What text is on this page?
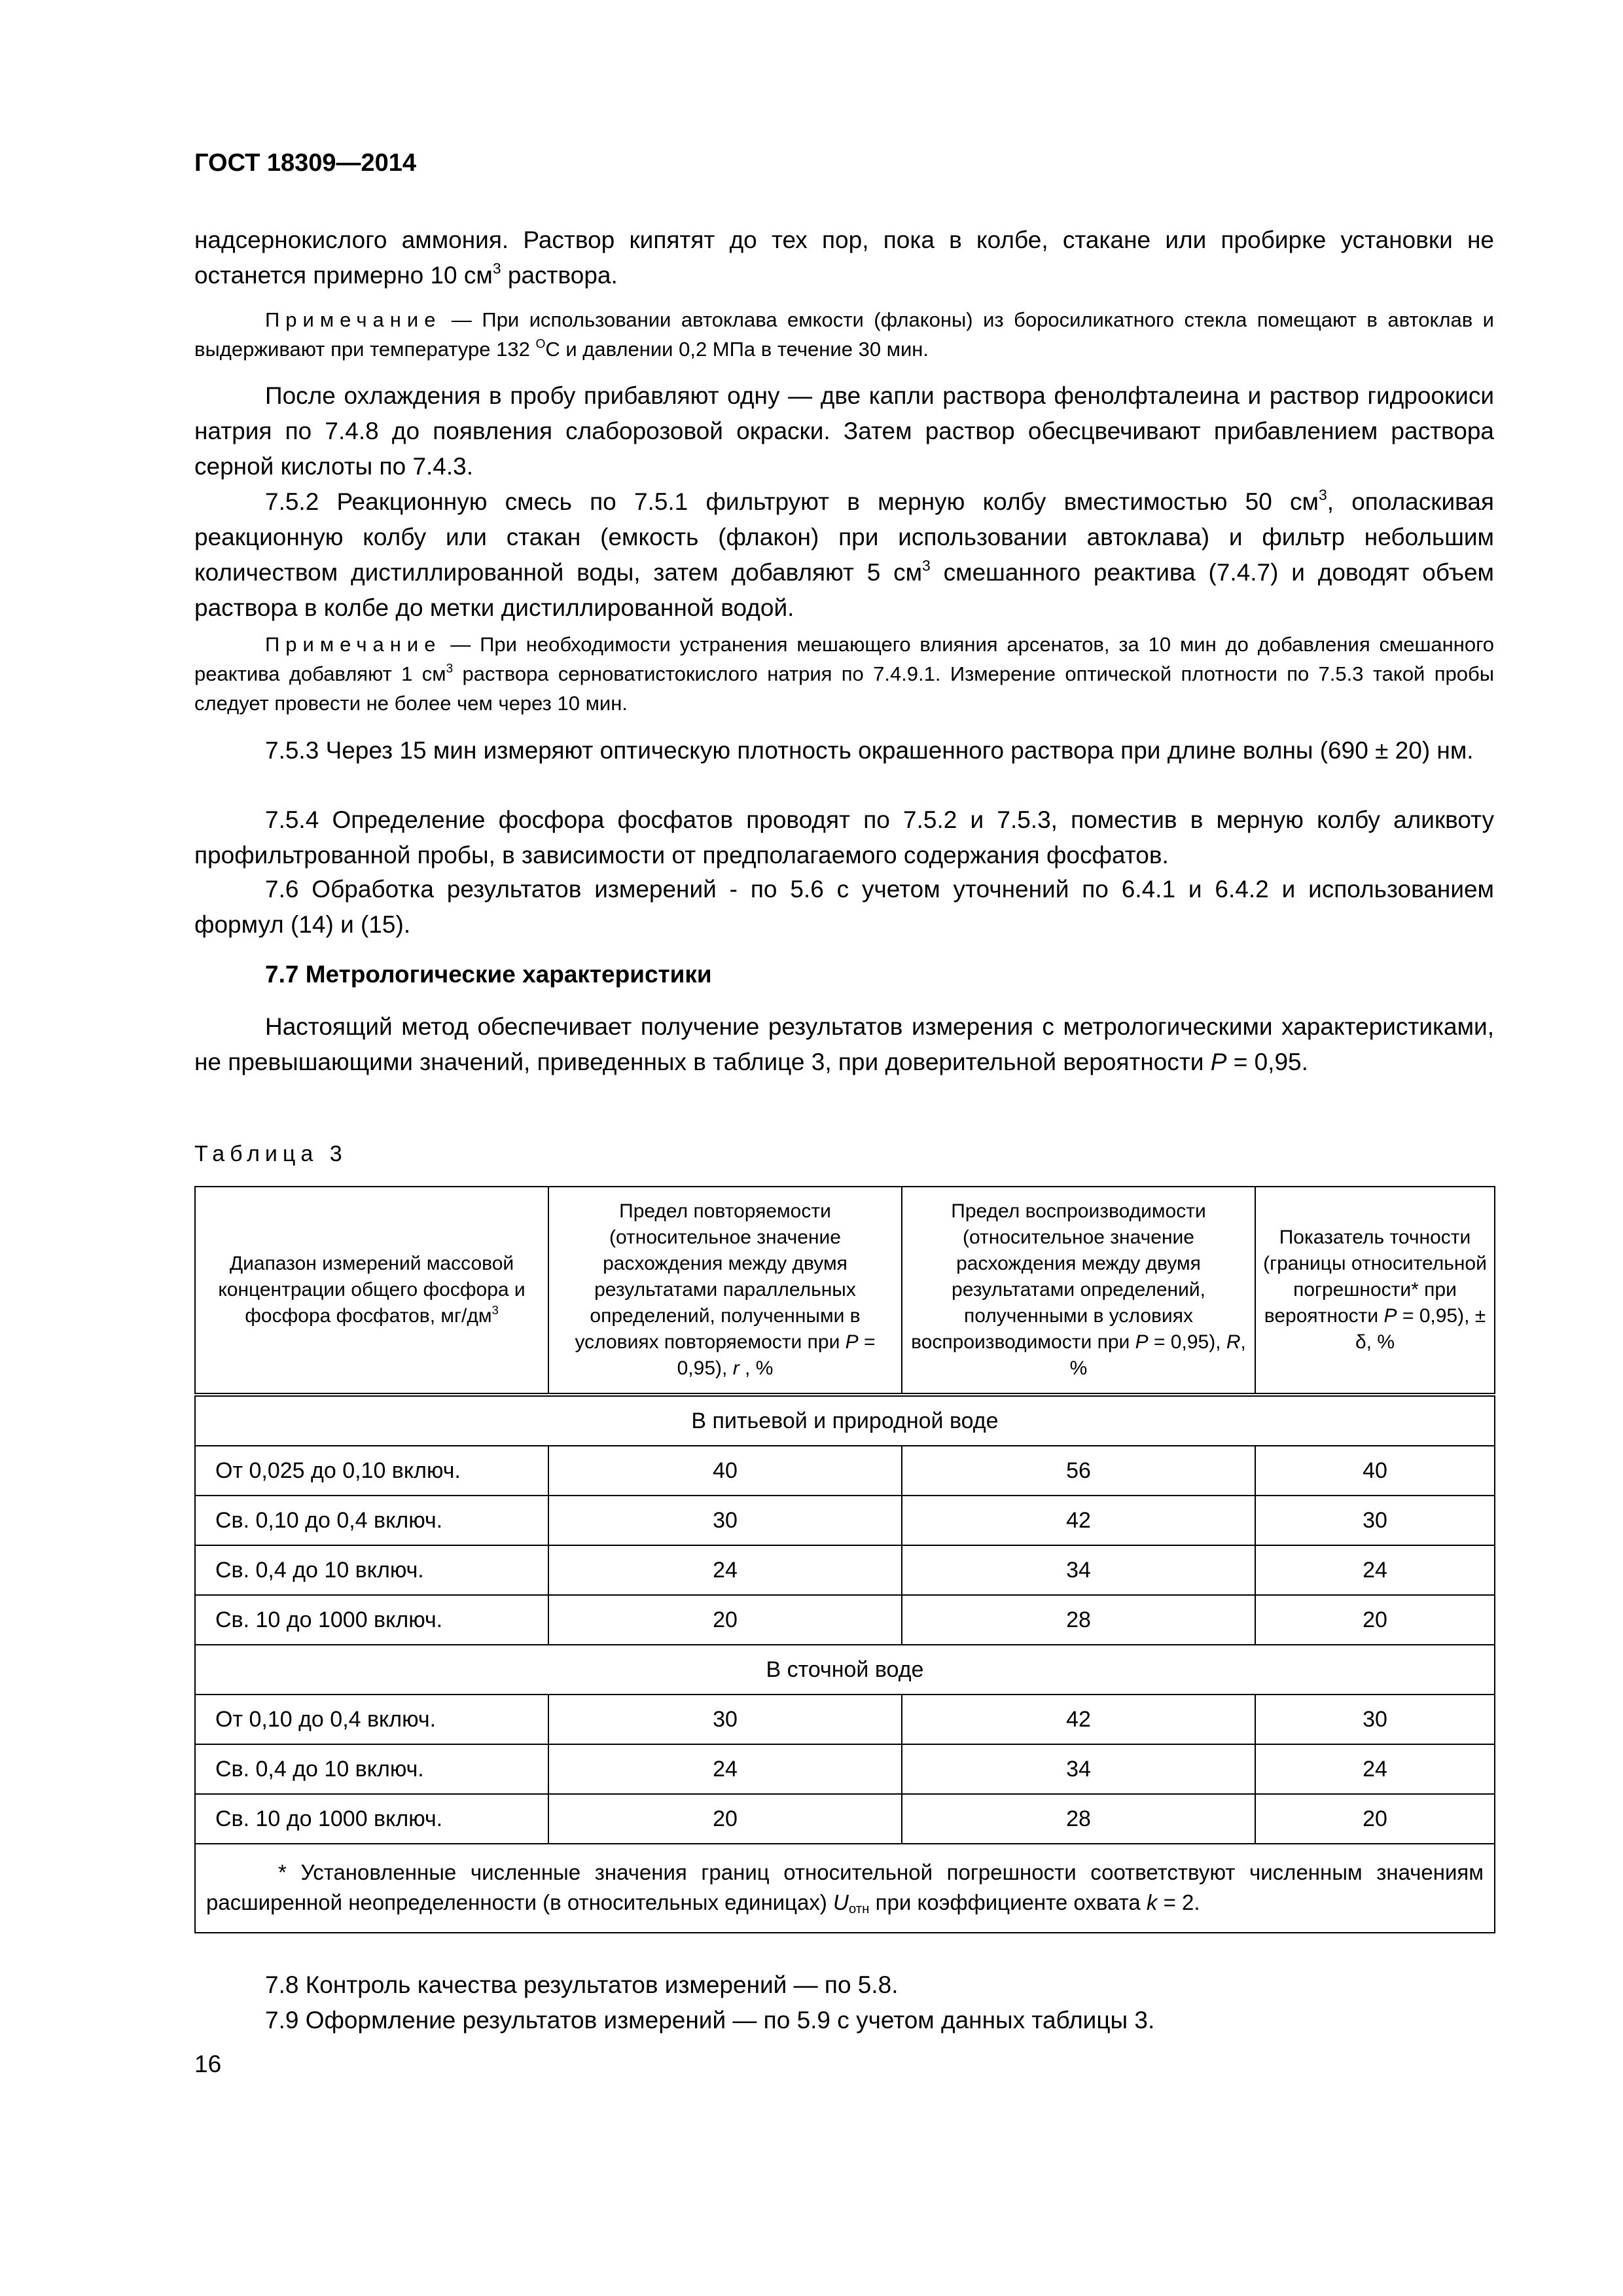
ГОСТ 18309—2014

надсернокислого аммония. Раствор кипятят до тех пор, пока в колбе, стакане или пробирке установки не останется примерно 10 $см^3$ раствора.

Примечание — При использовании автоклава емкости (флаконы) из боросиликатного стекла помещают в автоклав и выдерживают при температуре 132 $^О$С и давлении 0,2 МПа в течение 30 мин.

После охлаждения в пробу прибавляют одну — две капли раствора фенолфталеина и раствор гидроокиси натрия по 7.4.8 до появления слаборозовой окраски. Затем раствор обесцвечивают прибавлением раствора серной кислоты по 7.4.3.

7.5.2 Реакционную смесь по 7.5.1 фильтруют в мерную колбу вместимостью 50 $см^3$, ополаскивая реакционную колбу или стакан (емкость (флакон) при использовании автоклава) и фильтр небольшим количеством дистиллированной воды, затем добавляют 5 $см^3$ смешанного реактива (7.4.7) и доводят объем раствора в колбе до метки дистиллированной водой.

Примечание — При необходимости устранения мешающего влияния арсенатов, за 10 мин до добавления смешанного реактива добавляют 1 $см^3$ раствора серноватистокислого натрия по 7.4.9.1. Измерение оптической плотности по 7.5.3 такой пробы следует провести не более чем через 10 мин.

7.5.3 Через 15 мин измеряют оптическую плотность окрашенного раствора при длине волны (690 ± 20) нм.

7.5.4 Определение фосфора фосфатов проводят по 7.5.2 и 7.5.3, поместив в мерную колбу аликвоту профильтрованной пробы, в зависимости от предполагаемого содержания фосфатов.

7.6 Обработка результатов измерений - по 5.6 с учетом уточнений по 6.4.1 и 6.4.2 и использованием формул (14) и (15).

7.7 Метрологические характеристики

Настоящий метод обеспечивает получение результатов измерения с метрологическими характеристиками, не превышающими значений, приведенных в таблице 3, при доверительной вероятности Р = 0,95.

Таблица 3
Диапазон измерений массовой концентрации общего фосфора и фосфора фосфатов, $мг/дм^3$	Предел повторяемости (относительное значение расхождения между двумя результатами параллельных определений, полученными в условиях повторяемости при Р = 0,95), r , %	Предел воспроизводимости (относительное значение расхождения между двумя результатами определений, полученными в условиях воспроизводимости при Р = 0,95), R, %	Показатель точности (границы относительной погрешности* при вероятности Р = 0,95), ± δ, %
В питьевой и природной воде			
От 0,025 до 0,10 включ.	40	56	40
Св. 0,10 до 0,4 включ.	30	42	30
Св. 0,4 до 10 включ.	24	34	24
Св. 10 до 1000 включ.	20	28	20
В сточной воде			
От 0,10 до 0,4 включ.	30	42	30
Св. 0,4 до 10 включ.	24	34	24
Св. 10 до 1000 включ.	20	28	20
* Установленные численные значения границ относительной погрешности соответствуют численным значениям расширенной неопределенности (в относительных единицах) $U_{отн}$ при коэффициенте охвата k = 2.			

7.8 Контроль качества результатов измерений — по 5.8.

7.9 Оформление результатов измерений — по 5.9 с учетом данных таблицы 3.

16
